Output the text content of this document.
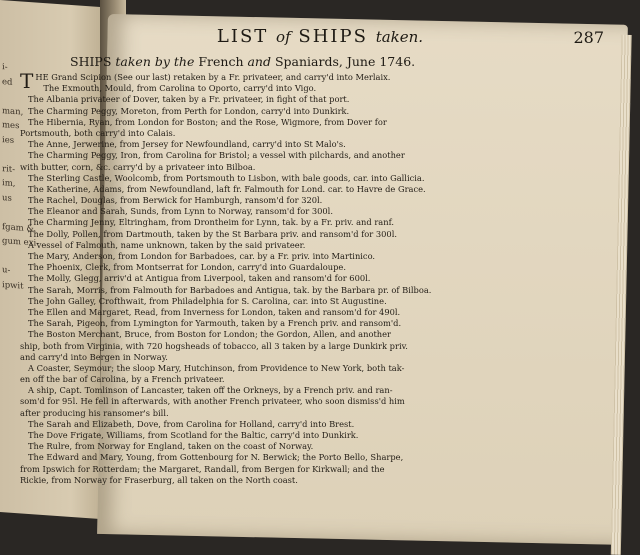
i-
ed
man,
mes
ies
rit-
im,
us
fgam &
gum exi-
u-
ipwit
LIST of SHIPS taken.	287
SHIPS taken by the French and Spaniards, June 1746.
T HE Grand Scipion (See our last) retaken by a Fr. privateer, and carry'd into Merlaix.
The Exmouth, Mould, from Carolina to Oporto, carry'd into Vigo.
The Albania privateer of Dover, taken by a Fr. privateer, in fight of that port.
The Charming Peggy, Moreton, from Perth for London, carry'd into Dunkirk.
The Hibernia, Ryan, from London for Boston; and the Rose, Wigmore, from Dover for
Portsmouth, both carry'd into Calais.
The Anne, Jerwerine, from Jersey for Newfoundland, carry'd into St Malo's.
The Charming Peggy, Iron, from Carolina for Bristol; a vessel with pilchards, and another
with butter, corn, &c. carry'd by a privateer into Bilboa.
The Sterling Castle, Woolcomb, from Portsmouth to Lisbon, with bale goods, car. into Gallicia.
The Katherine, Adams, from Newfoundland, laft fr. Falmouth for Lond. car. to Havre de Grace.
The Rachel, Douglas, from Berwick for Hamburgh, ransom'd for 320l.
The Eleanor and Sarah, Sunds, from Lynn to Norway, ransom'd for 300l.
The Charming Jenny, Eltringham, from Drontheim for Lynn, tak. by a Fr. priv. and ranf.
The Dolly, Pollen, from Dartmouth, taken by the St Barbara priv. and ransom'd for 300l.
A vessel of Falmouth, name unknown, taken by the said privateer.
The Mary, Anderson, from London for Barbadoes, car. by a Fr. priv. into Martinico.
The Phoenix, Clerk, from Montserrat for London, carry'd into Guardaloupe.
The Molly, Glegg, arriv'd at Antigua from Liverpool, taken and ransom'd for 600l.
The Sarah, Morris, from Falmouth for Barbadoes and Antigua, tak. by the Barbara pr. of Bilboa.
The John Galley, Crofthwait, from Philadelphia for S. Carolina, car. into St Augustine.
The Ellen and Margaret, Read, from Inverness for London, taken and ransom'd for 490l.
The Sarah, Pigeon, from Lymington for Yarmouth, taken by a French priv. and ransom'd.
The Boston Merchant, Bruce, from Boston for London; the Gordon, Allen, and another
ship, both from Virginia, with 720 hogsheads of tobacco, all 3 taken by a large Dunkirk priv.
and carry'd into Bergen in Norway.
A Coaster, Seymour; the sloop Mary, Hutchinson, from Providence to New York, both tak-
en off the bar of Carolina, by a French privateer.
A ship, Capt. Tomlinson of Lancaster, taken off the Orkneys, by a French priv. and ran-
som'd for 95l. He fell in afterwards, with another French privateer, who soon dismiss'd him
after producing his ransomer's bill.
The Sarah and Elizabeth, Dove, from Carolina for Holland, carry'd into Brest.
The Dove Frigate, Williams, from Scotland for the Baltic, carry'd into Dunkirk.
The Rulre, from Norway for England, taken on the coast of Norway.
The Edward and Mary, Young, from Gottenbourg for N. Berwick; the Porto Bello, Sharpe,
from Ipswich for Rotterdam; the Margaret, Randall, from Bergen for Kirkwall; and the
Rickie, from Norway for Fraserburg, all taken on the North coast.
